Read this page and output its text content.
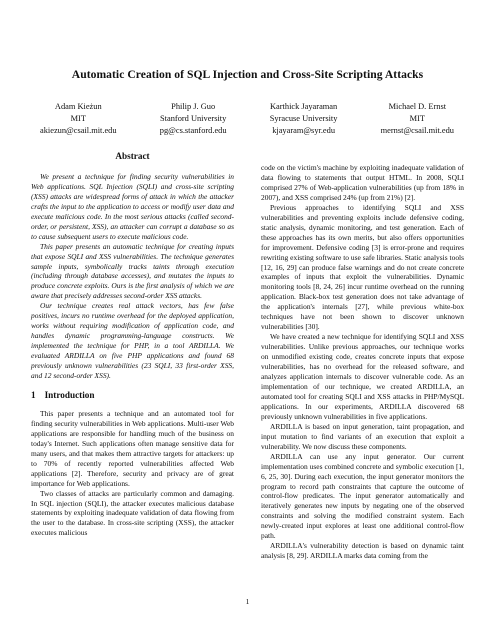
Automatic Creation of SQL Injection and Cross-Site Scripting Attacks
Adam Kieżun
MIT
akiezun@csail.mit.edu
Philip J. Guo
Stanford University
pg@cs.stanford.edu
Karthick Jayaraman
Syracuse University
kjayaram@syr.edu
Michael D. Ernst
MIT
mernst@csail.mit.edu
Abstract

We present a technique for finding security vulnerabilities in Web applications. SQL Injection (SQLI) and cross-site scripting (XSS) attacks are widespread forms of attack in which the attacker crafts the input to the application to access or modify user data and execute malicious code. In the most serious attacks (called second-order, or persistent, XSS), an attacker can corrupt a database so as to cause subsequent users to execute malicious code.

This paper presents an automatic technique for creating inputs that expose SQLI and XSS vulnerabilities. The technique generates sample inputs, symbolically tracks taints through execution (including through database accesses), and mutates the inputs to produce concrete exploits. Ours is the first analysis of which we are aware that precisely addresses second-order XSS attacks.

Our technique creates real attack vectors, has few false positives, incurs no runtime overhead for the deployed application, works without requiring modification of application code, and handles dynamic programming-language constructs. We implemented the technique for PHP, in a tool ARDILLA. We evaluated ARDILLA on five PHP applications and found 68 previously unknown vulnerabilities (23 SQLI, 33 first-order XSS, and 12 second-order XSS).

1 Introduction

This paper presents a technique and an automated tool for finding security vulnerabilities in Web applications. Multi-user Web applications are responsible for handling much of the business on today's Internet. Such applications often manage sensitive data for many users, and that makes them attractive targets for attackers: up to 70% of recently reported vulnerabilities affected Web applications [2]. Therefore, security and privacy are of great importance for Web applications.

Two classes of attacks are particularly common and damaging. In SQL injection (SQLI), the attacker executes malicious database statements by exploiting inadequate validation of data flowing from the user to the database. In cross-site scripting (XSS), the attacker executes malicious

code on the victim's machine by exploiting inadequate validation of data flowing to statements that output HTML. In 2008, SQLI comprised 27% of Web-application vulnerabilities (up from 18% in 2007), and XSS comprised 24% (up from 21%) [2].

Previous approaches to identifying SQLI and XSS vulnerabilities and preventing exploits include defensive coding, static analysis, dynamic monitoring, and test generation. Each of these approaches has its own merits, but also offers opportunities for improvement. Defensive coding [3] is error-prone and requires rewriting existing software to use safe libraries. Static analysis tools [12, 16, 29] can produce false warnings and do not create concrete examples of inputs that exploit the vulnerabilities. Dynamic monitoring tools [8, 24, 26] incur runtime overhead on the running application. Black-box test generation does not take advantage of the application's internals [27], while previous white-box techniques have not been shown to discover unknown vulnerabilities [30].

We have created a new technique for identifying SQLI and XSS vulnerabilities. Unlike previous approaches, our technique works on unmodified existing code, creates concrete inputs that expose vulnerabilities, has no overhead for the released software, and analyzes application internals to discover vulnerable code. As an implementation of our technique, we created ARDILLA, an automated tool for creating SQLI and XSS attacks in PHP/MySQL applications. In our experiments, ARDILLA discovered 68 previously unknown vulnerabilities in five applications.

ARDILLA is based on input generation, taint propagation, and input mutation to find variants of an execution that exploit a vulnerability. We now discuss these components.

ARDILLA can use any input generator. Our current implementation uses combined concrete and symbolic execution [1, 6, 25, 30]. During each execution, the input generator monitors the program to record path constraints that capture the outcome of control-flow predicates. The input generator automatically and iteratively generates new inputs by negating one of the observed constraints and solving the modified constraint system. Each newly-created input explores at least one additional control-flow path.

ARDILLA's vulnerability detection is based on dynamic taint analysis [8, 29]. ARDILLA marks data coming from the

1
